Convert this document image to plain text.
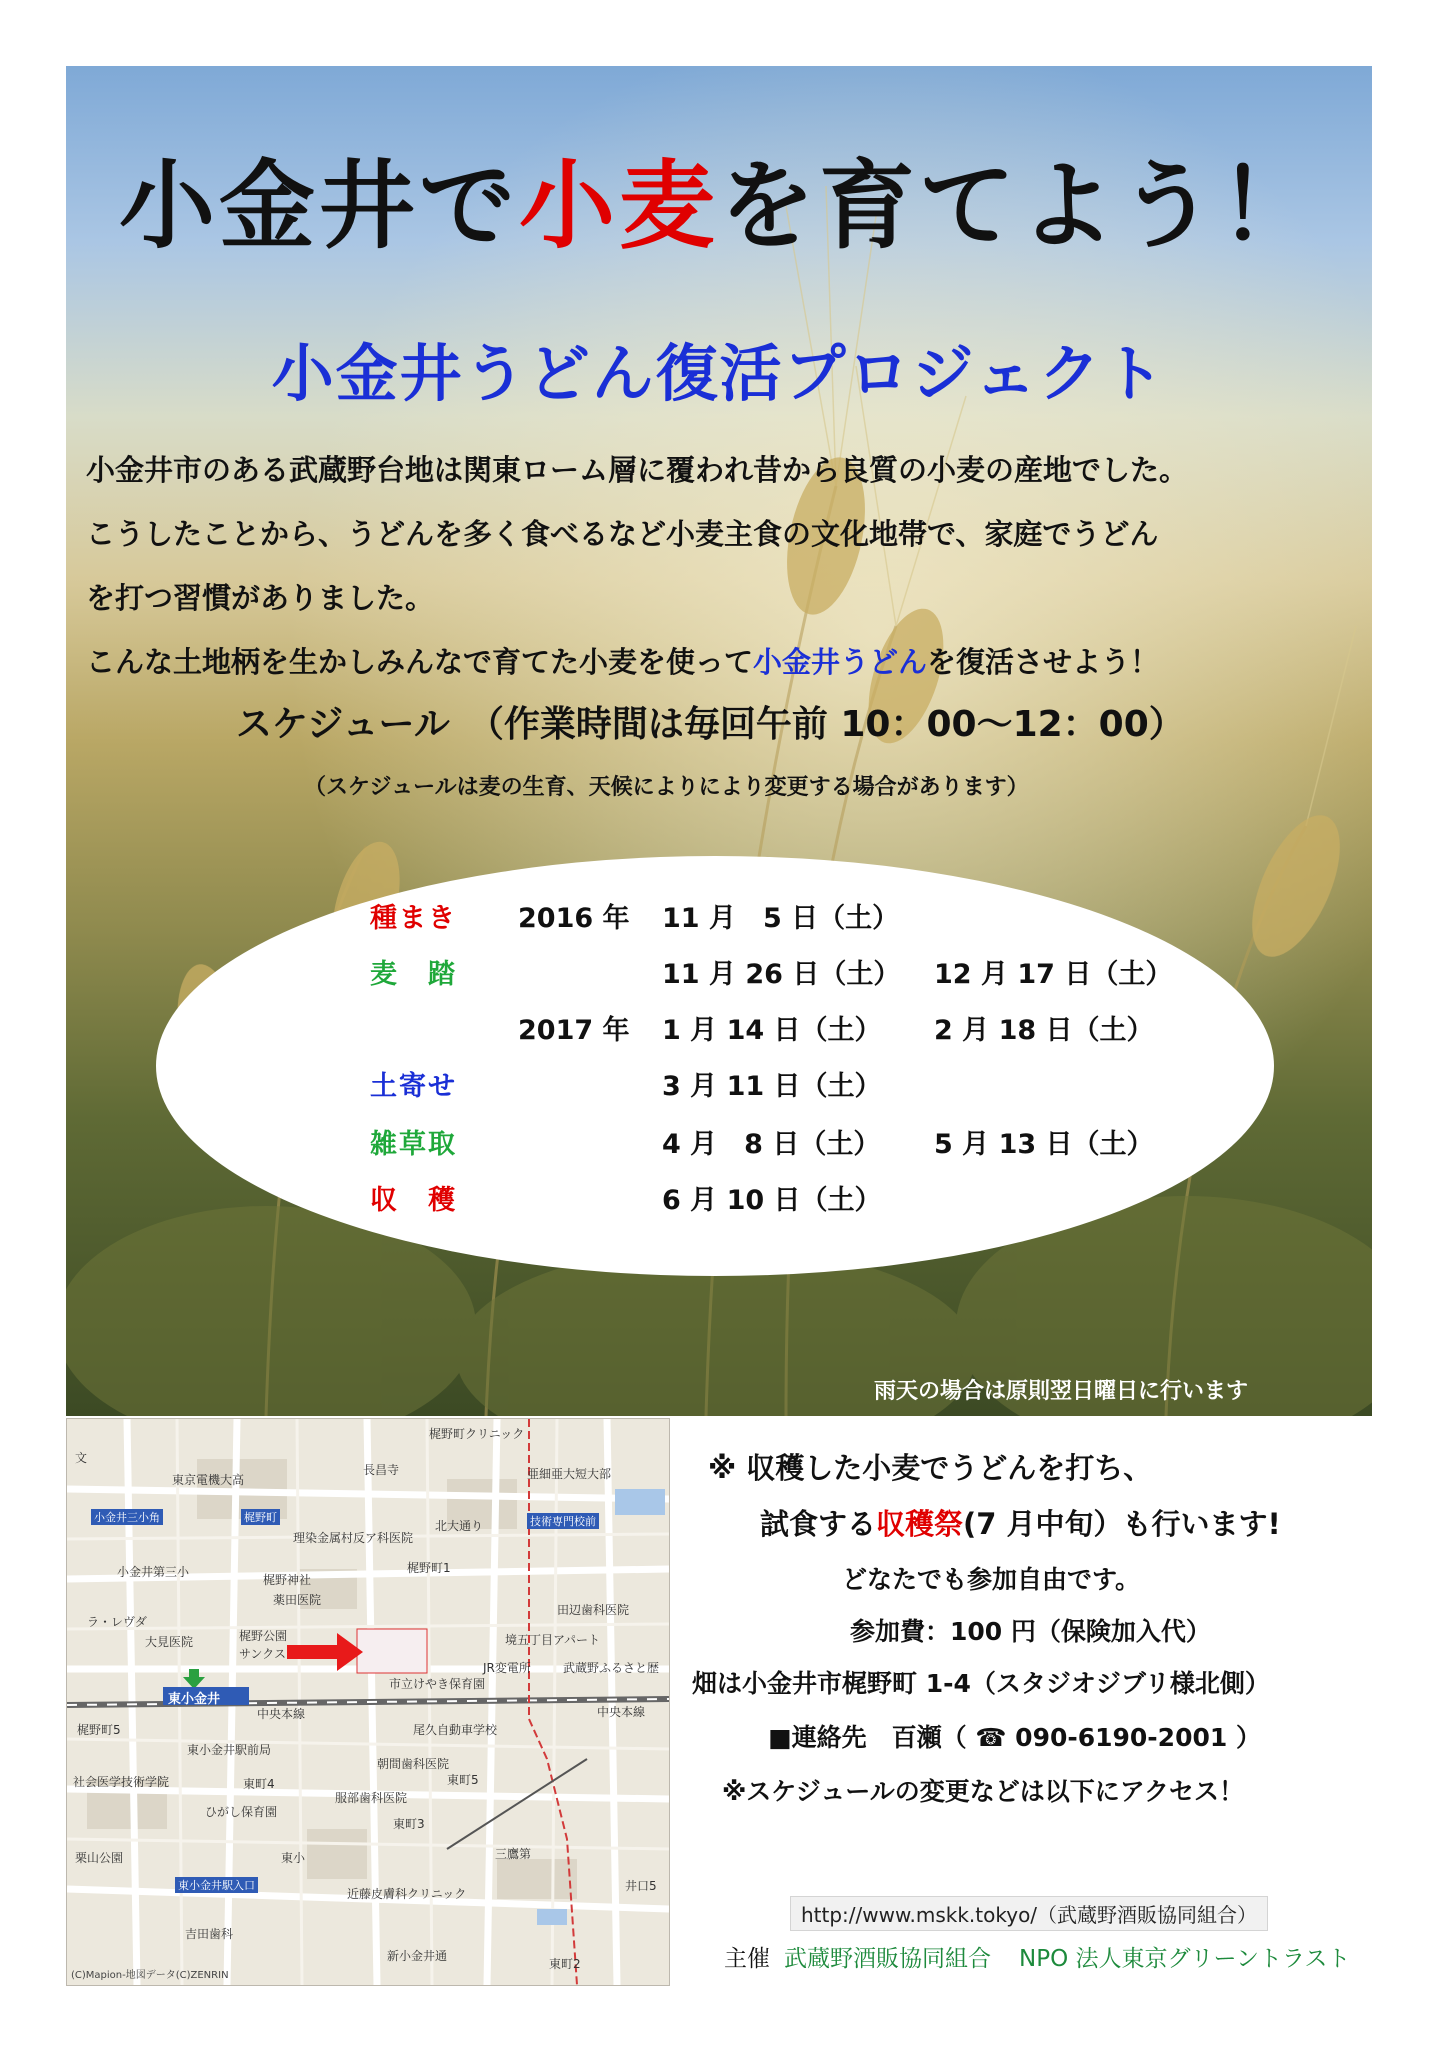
小金井で小麦を育てよう！
小金井うどん復活プロジェクト

小金井市のある武蔵野台地は関東ローム層に覆われ昔から良質の小麦の産地でした。

こうしたことから、うどんを多く食べるなど小麦主食の文化地帯で、家庭でうどん

を打つ習慣がありました。

こんな土地柄を生かしみんなで育てた小麦を使って小金井うどんを復活させよう！

スケジュール　（作業時間は毎回午前 10：00〜12：00）
（スケジュールは麦の生育、天候によりにより変更する場合があります）
種まき 2016 年 11 月　5 日（土）
麦　踏	11 月 26 日（土） 12 月 17 日（土）
2017 年 1 月 14 日（土） 2 月 18 日（土）
土寄せ	3 月 11 日（土）
雑草取	4 月　8 日（土） 5 月 13 日（土）
収　穫	6 月 10 日（土）
雨天の場合は原則翌日曜日に行います
梶野町クリニック
亜細亜大短大部
東京電機大高
長昌寺
文
北大通り
理染金属村反ア科医院
梶野町1
小金井第三小
梶野神社
薬田医院
田辺歯科医院
ラ・レヴダ
大見医院	梶野公園
サンクス
境五丁目アパート
市立けやき保育園
JR変電所	武蔵野ふるさと歴
中央本線	中央本線
梶野町5	尾久自動車学校
東小金井駅前局
朝間歯科医院
社会医学技術学院	東町4	東町5
ひがし保育園
服部歯科医院
東町3
栗山公園	東小	三鷹第
近藤皮膚科クリニック
井口5
吉田歯科
東町2
新小金井通
小金井三小角	梶野町	技術専門校前
東小金井駅入口
東小金井
(C)Mapion-地図データ(C)ZENRIN
※ 収穫した小麦でうどんを打ち、
試食する収穫祭(7 月中旬）も行います!
どなたでも参加自由です。
参加費：100 円（保険加入代）
畑は小金井市梶野町 1-4（スタジオジブリ様北側）
■連絡先　百瀬（ ☎ 090-6190-2001 ）
※スケジュールの変更などは以下にアクセス！
http://www.mskk.tokyo/（武蔵野酒販協同組合）
主催 武蔵野酒販協同組合 NPO 法人東京グリーントラスト
